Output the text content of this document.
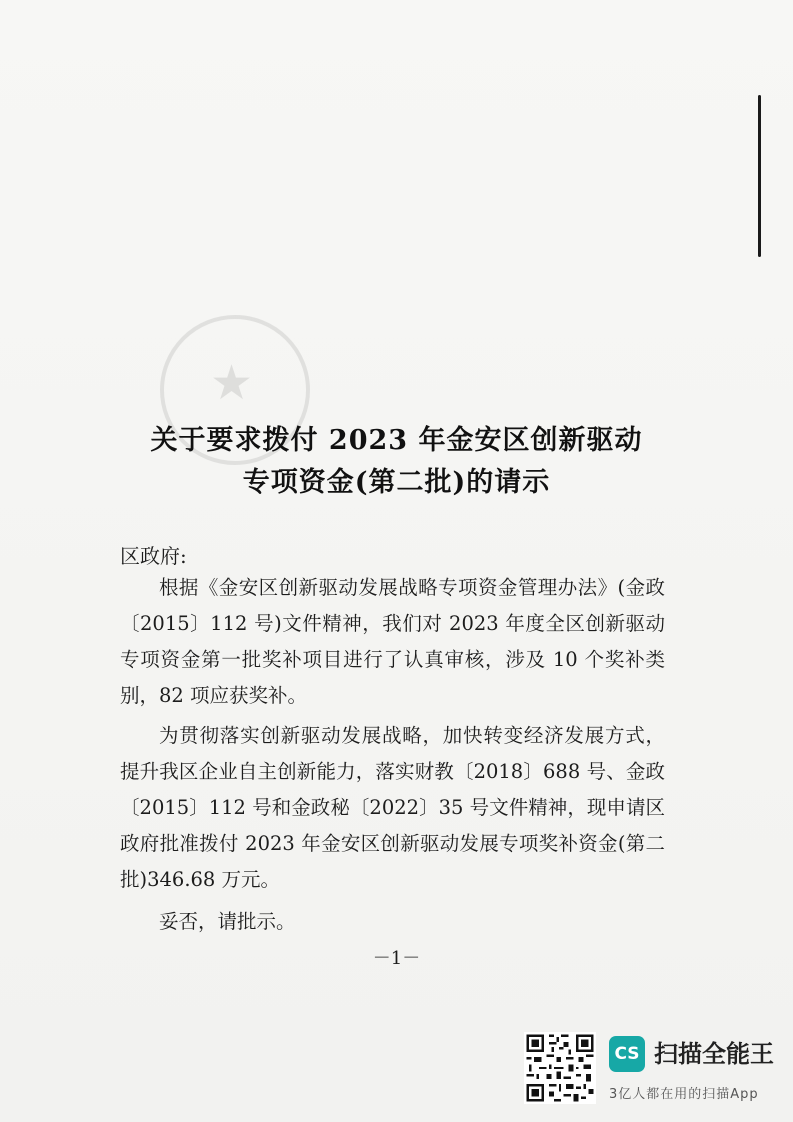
★
关于要求拨付 2023 年金安区创新驱动
专项资金(第二批)的请示
区政府:
根据《金安区创新驱动发展战略专项资金管理办法》(金政〔2015〕112 号)文件精神，我们对 2023 年度全区创新驱动专项资金第一批奖补项目进行了认真审核，涉及 10 个奖补类别，82 项应获奖补。
为贯彻落实创新驱动发展战略，加快转变经济发展方式，提升我区企业自主创新能力，落实财教〔2018〕688 号、金政〔2015〕112 号和金政秘〔2022〕35 号文件精神，现申请区政府批准拨付 2023 年金安区创新驱动发展专项奖补资金(第二批)346.68 万元。
妥否，请批示。
－1－
CS 扫描全能王
3亿人都在用的扫描App
